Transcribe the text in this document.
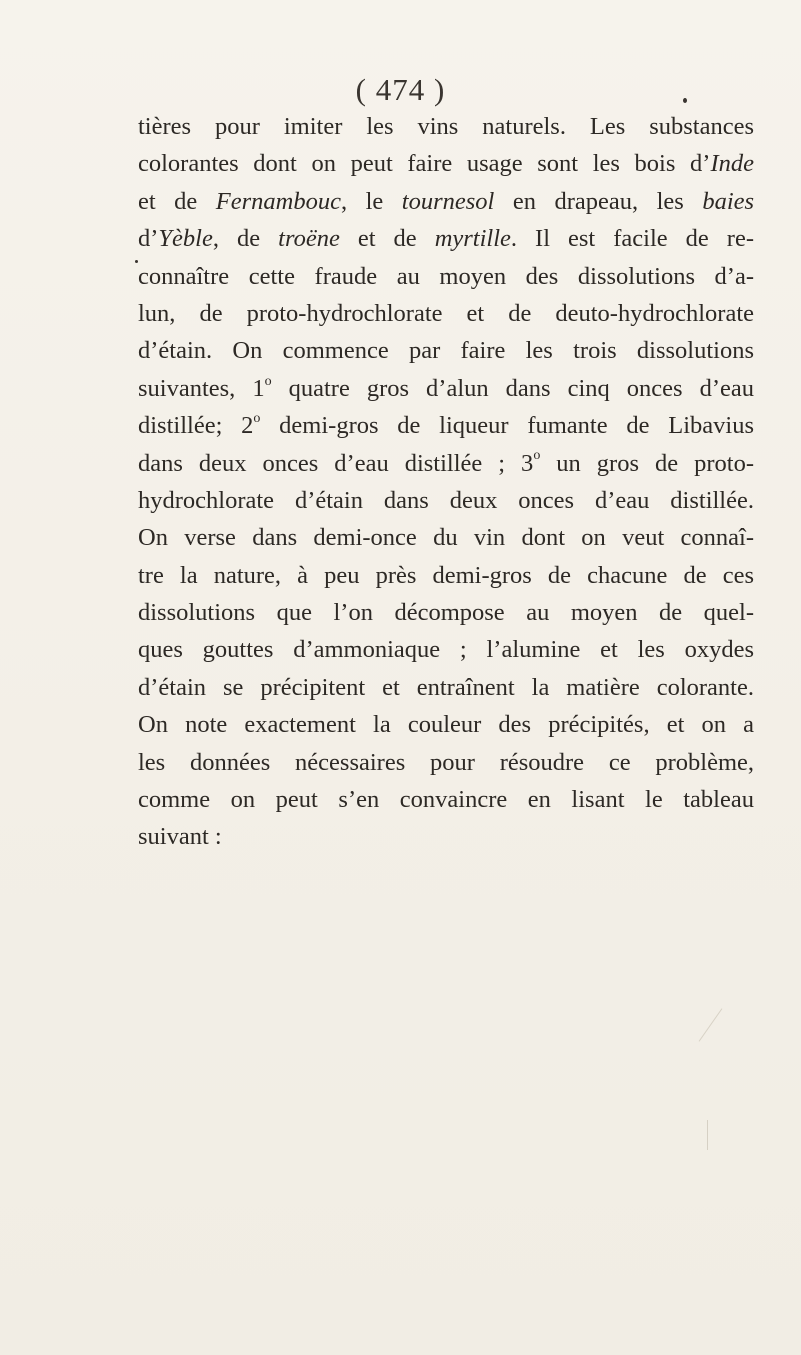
( 474 )
tières pour imiter les vins naturels. Les substances
colorantes dont on peut faire usage sont les bois d’Inde
et de Fernambouc, le tournesol en drapeau, les baies
d’Yèble, de troëne et de myrtille. Il est facile de re-
connaître cette fraude au moyen des dissolutions d’a-
lun, de proto-hydrochlorate et de deuto-hydrochlorate
d’étain. On commence par faire les trois dissolutions
suivantes, 1$^o$ quatre gros d’alun dans cinq onces d’eau
distillée; 2$^o$ demi-gros de liqueur fumante de Libavius
dans deux onces d’eau distillée ; 3$^o$ un gros de proto-
hydrochlorate d’étain dans deux onces d’eau distillée.
On verse dans demi-once du vin dont on veut connaî-
tre la nature, à peu près demi-gros de chacune de ces
dissolutions que l’on décompose au moyen de quel-
ques gouttes d’ammoniaque ; l’alumine et les oxydes
d’étain se précipitent et entraînent la matière colorante.
On note exactement la couleur des précipités, et on a
les données nécessaires pour résoudre ce problème,
comme on peut s’en convaincre en lisant le tableau
suivant :
